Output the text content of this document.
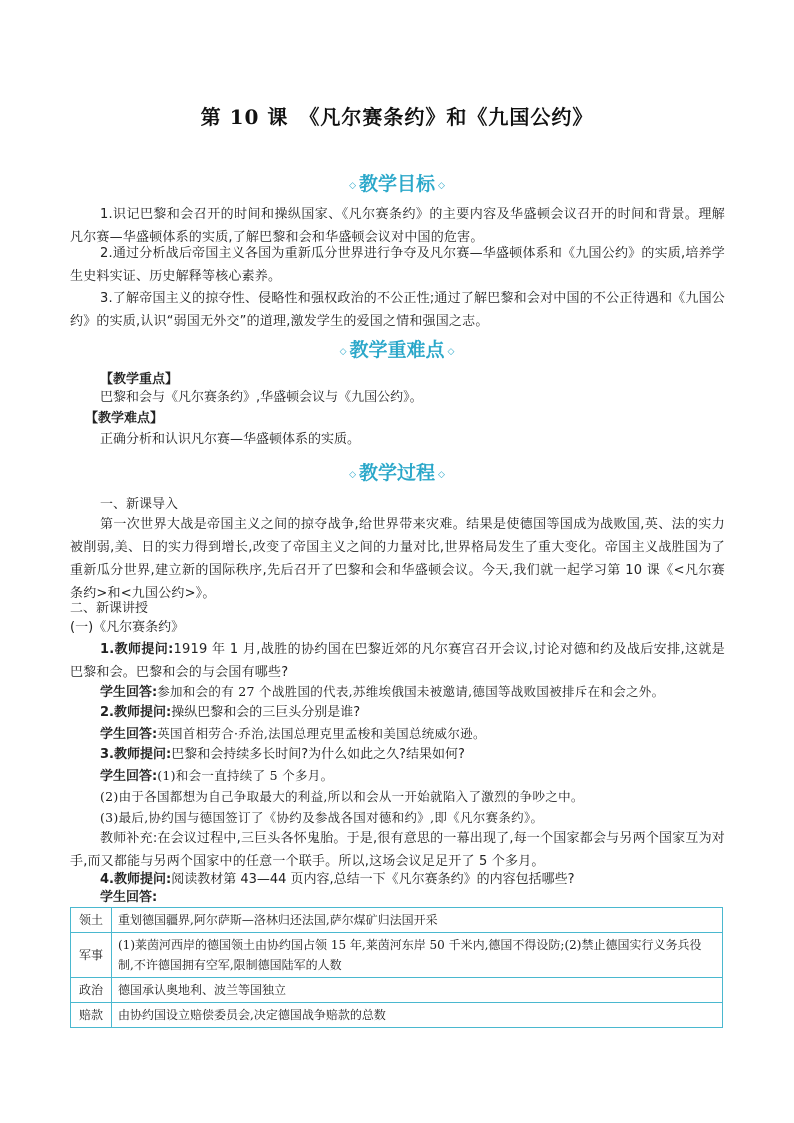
第 10 课　《凡尔赛条约》和《九国公约》
◇ 教学目标 ◇
1.识记巴黎和会召开的时间和操纵国家、《凡尔赛条约》的主要内容及华盛顿会议召开的时间和背景。理解凡尔赛—华盛顿体系的实质,了解巴黎和会和华盛顿会议对中国的危害。
2.通过分析战后帝国主义各国为重新瓜分世界进行争夺及凡尔赛—华盛顿体系和《九国公约》的实质,培养学生史料实证、历史解释等核心素养。
3.了解帝国主义的掠夺性、侵略性和强权政治的不公正性;通过了解巴黎和会对中国的不公正待遇和《九国公约》的实质,认识“弱国无外交”的道理,激发学生的爱国之情和强国之志。
◇ 教学重难点 ◇
【教学重点】
巴黎和会与《凡尔赛条约》,华盛顿会议与《九国公约》。
【教学难点】
正确分析和认识凡尔赛—华盛顿体系的实质。
◇ 教学过程 ◇
一、新课导入
第一次世界大战是帝国主义之间的掠夺战争,给世界带来灾难。结果是使德国等国成为战败国,英、法的实力被削弱,美、日的实力得到增长,改变了帝国主义之间的力量对比,世界格局发生了重大变化。帝国主义战胜国为了重新瓜分世界,建立新的国际秩序,先后召开了巴黎和会和华盛顿会议。今天,我们就一起学习第 10 课《<凡尔赛条约>和<九国公约>》。
二、新课讲授
(一)《凡尔赛条约》
1.教师提问:1919 年 1 月,战胜的协约国在巴黎近郊的凡尔赛宫召开会议,讨论对德和约及战后安排,这就是巴黎和会。巴黎和会的与会国有哪些?
学生回答:参加和会的有 27 个战胜国的代表,苏维埃俄国未被邀请,德国等战败国被排斥在和会之外。
2.教师提问:操纵巴黎和会的三巨头分别是谁?
学生回答:英国首相劳合·乔治,法国总理克里孟梭和美国总统威尔逊。
3.教师提问:巴黎和会持续多长时间?为什么如此之久?结果如何?
学生回答:(1)和会一直持续了 5 个多月。
(2)由于各国都想为自己争取最大的利益,所以和会从一开始就陷入了激烈的争吵之中。
(3)最后,协约国与德国签订了《协约及参战各国对德和约》,即《凡尔赛条约》。
教师补充:在会议过程中,三巨头各怀鬼胎。于是,很有意思的一幕出现了,每一个国家都会与另两个国家互为对手,而又都能与另两个国家中的任意一个联手。所以,这场会议足足开了 5 个多月。
4.教师提问:阅读教材第 43—44 页内容,总结一下《凡尔赛条约》的内容包括哪些?
学生回答:
领土	重划德国疆界,阿尔萨斯—洛林归还法国,萨尔煤矿归法国开采
军事	(1)莱茵河西岸的德国领土由协约国占领 15 年,莱茵河东岸 50 千米内,德国不得设防;(2)禁止德国实行义务兵役制,不许德国拥有空军,限制德国陆军的人数
政治	德国承认奥地利、波兰等国独立
赔款	由协约国设立赔偿委员会,决定德国战争赔款的总数
